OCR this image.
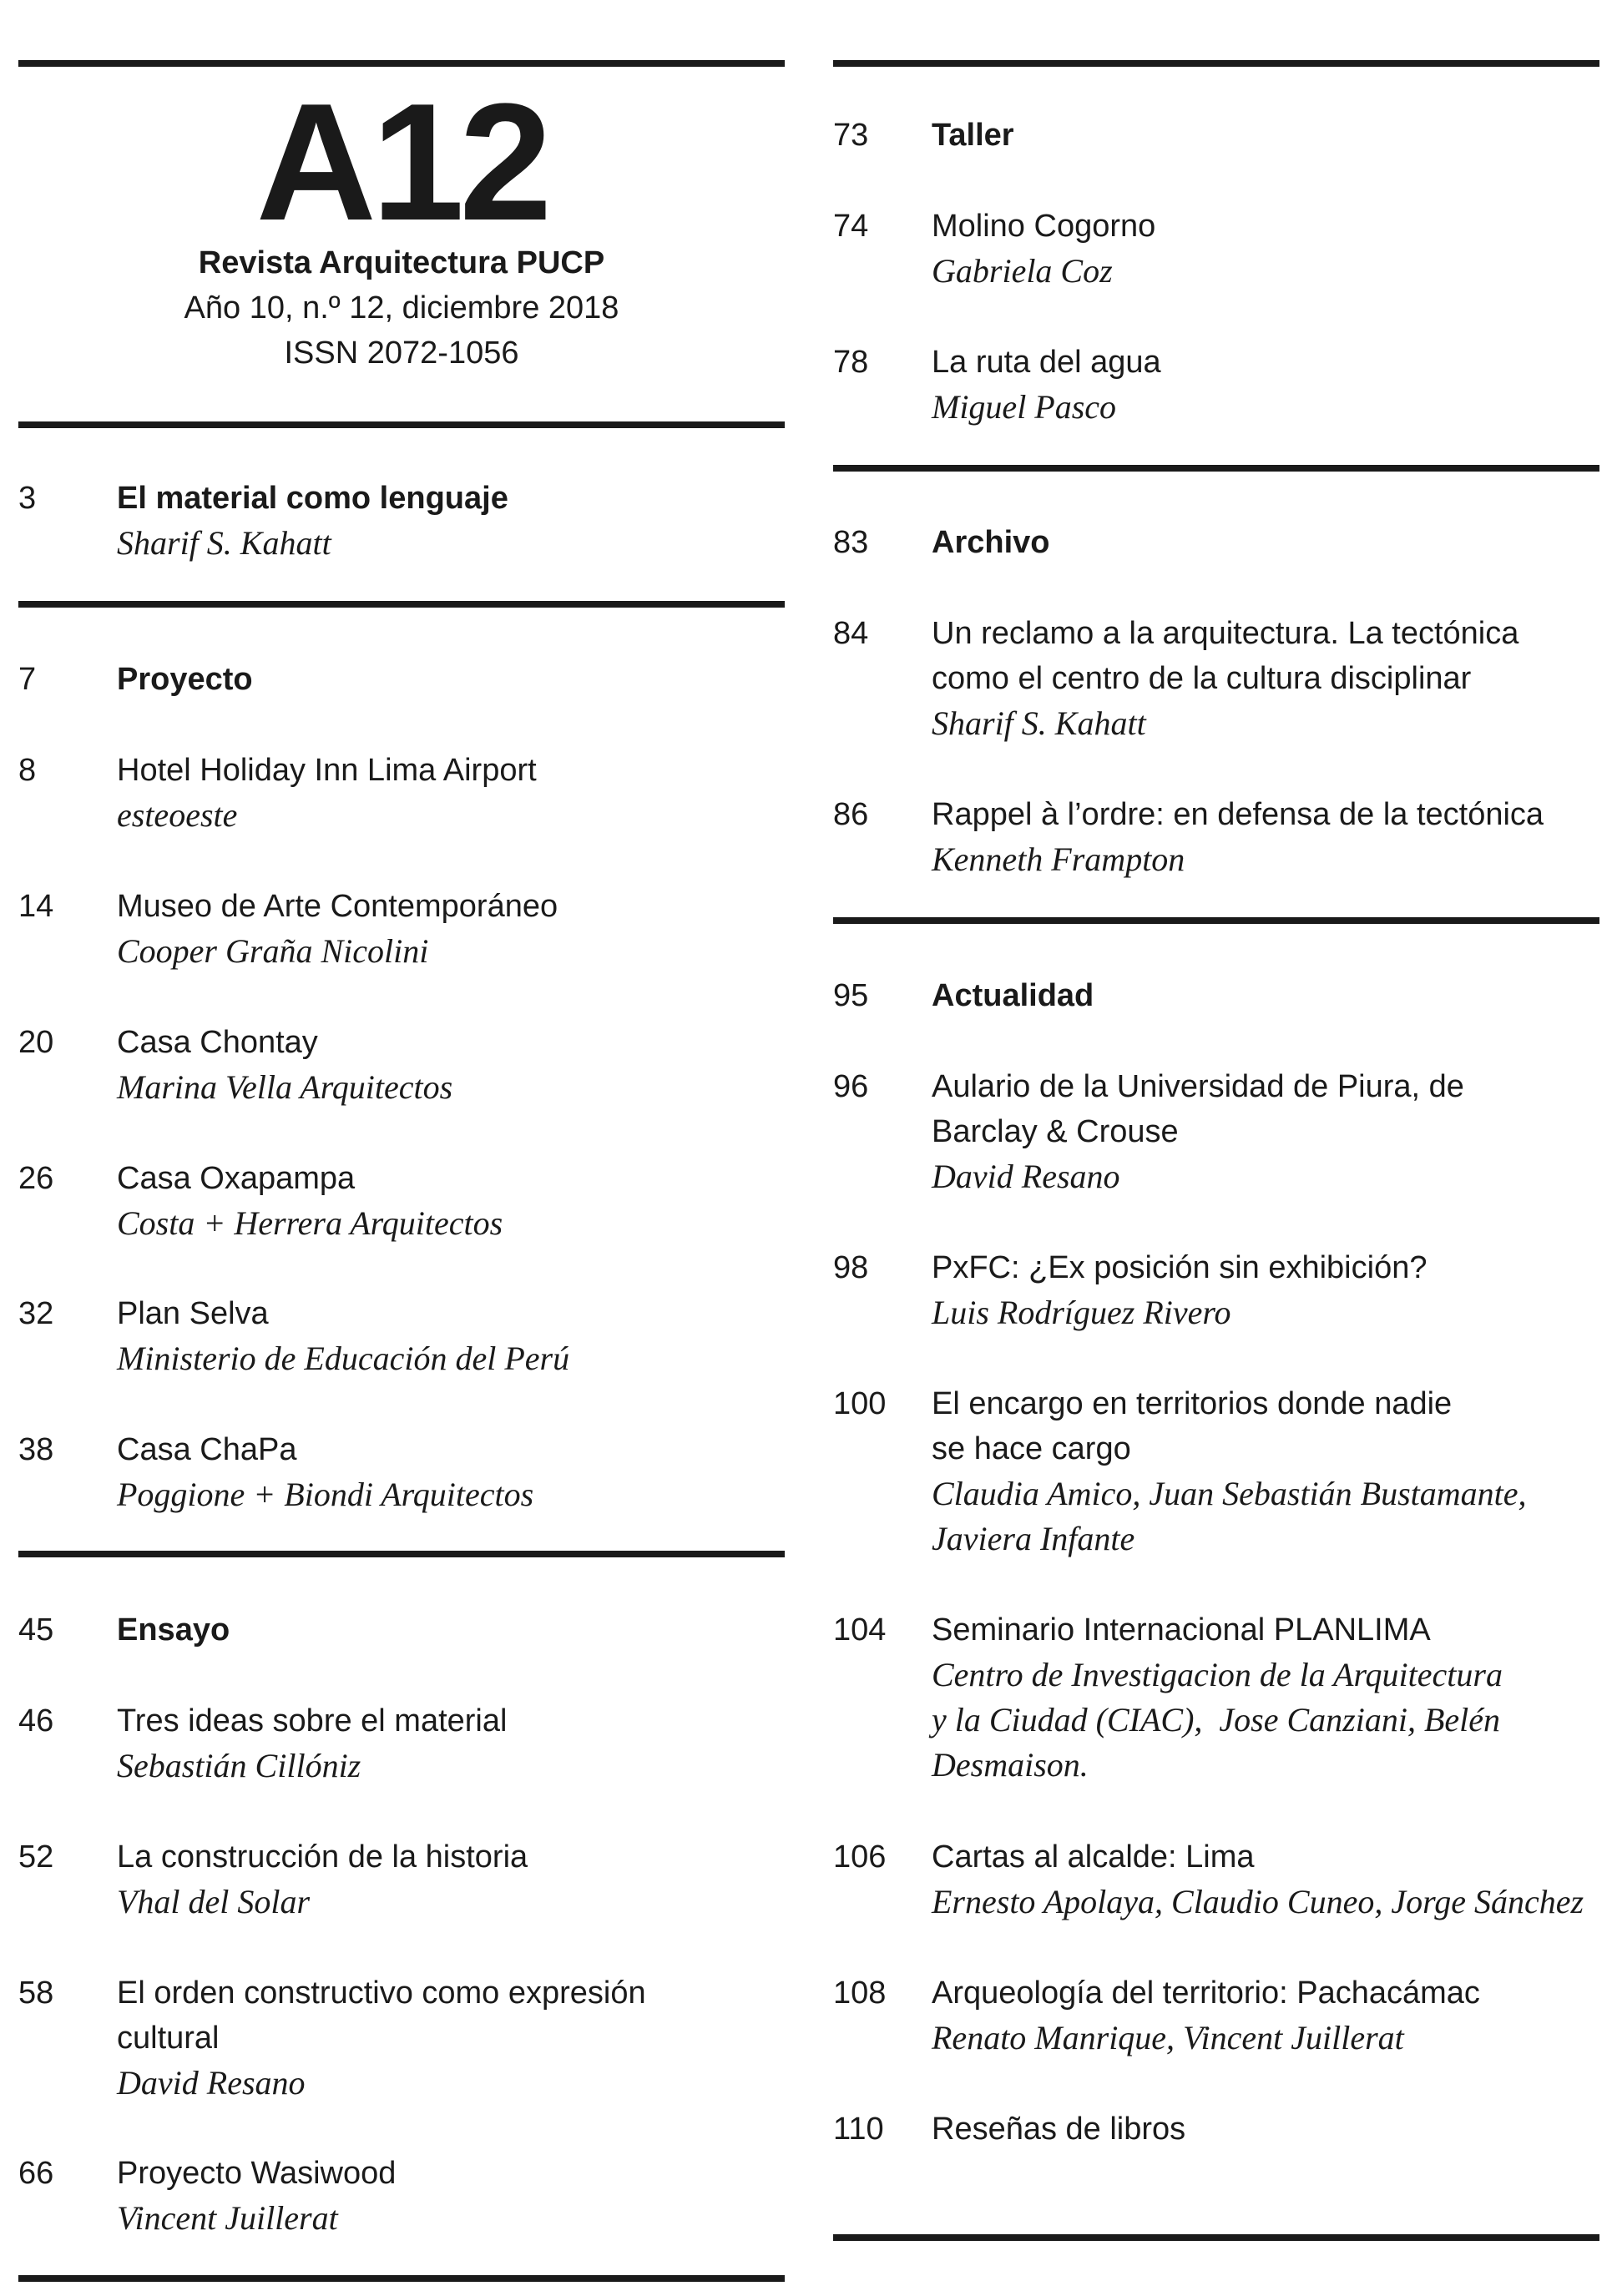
A12
Revista Arquitectura PUCP
Año 10, n.º 12, diciembre 2018
ISSN 2072-1056
3	El material como lenguaje
Sharif S. Kahatt
7	Proyecto
8	Hotel Holiday Inn Lima Airport
esteoeste
14 Museo de Arte Contemporáneo
Cooper Graña Nicolini
20 Casa Chontay
Marina Vella Arquitectos
26 Casa Oxapampa
Costa + Herrera Arquitectos
32 Plan Selva
Ministerio de Educación del Perú
38 Casa ChaPa
Poggione + Biondi Arquitectos
45 Ensayo
46 Tres ideas sobre el material
Sebastián Cillóniz
52 La construcción de la historia
Vhal del Solar
58 El orden constructivo como expresión cultural
David Resano
66 Proyecto Wasiwood
Vincent Juillerat
73 Taller
74 Molino Cogorno
Gabriela Coz
78 La ruta del agua
Miguel Pasco
83 Archivo
84 Un reclamo a la arquitectura. La tectónica como el centro de la cultura disciplinar
Sharif S. Kahatt
86 Rappel à l’ordre: en defensa de la tectónica
Kenneth Frampton
95 Actualidad
96 Aulario de la Universidad de Piura, de Barclay & Crouse
David Resano
98 PxFC: ¿Ex posición sin exhibición?
Luis Rodríguez Rivero
100 El encargo en territorios donde nadie se hace cargo
Claudia Amico, Juan Sebastián Bustamante,
Javiera Infante
104 Seminario Internacional PLANLIMA
Centro de Investigacion de la Arquitectura
y la Ciudad (CIAC),  Jose Canziani, Belén
Desmaison.
106 Cartas al alcalde: Lima
Ernesto Apolaya, Claudio Cuneo, Jorge Sánchez
108 Arqueología del territorio: Pachacámac
Renato Manrique, Vincent Juillerat
110 Reseñas de libros
